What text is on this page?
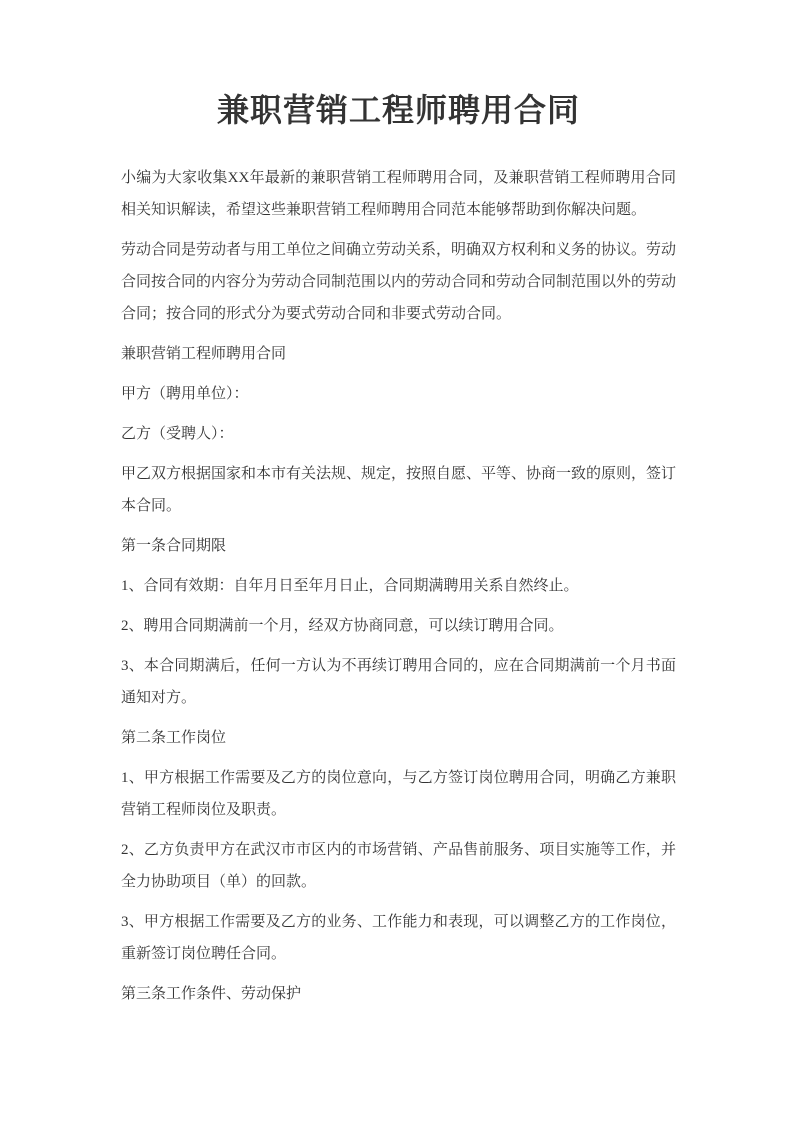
兼职营销工程师聘用合同

小编为大家收集XX年最新的兼职营销工程师聘用合同，及兼职营销工程师聘用合同相关知识解读，希望这些兼职营销工程师聘用合同范本能够帮助到你解决问题。

劳动合同是劳动者与用工单位之间确立劳动关系，明确双方权利和义务的协议。劳动合同按合同的内容分为劳动合同制范围以内的劳动合同和劳动合同制范围以外的劳动合同；按合同的形式分为要式劳动合同和非要式劳动合同。

兼职营销工程师聘用合同

甲方（聘用单位）：

乙方（受聘人）：

甲乙双方根据国家和本市有关法规、规定，按照自愿、平等、协商一致的原则，签订本合同。

第一条合同期限

1、合同有效期：自年月日至年月日止，合同期满聘用关系自然终止。

2、聘用合同期满前一个月，经双方协商同意，可以续订聘用合同。

3、本合同期满后，任何一方认为不再续订聘用合同的，应在合同期满前一个月书面通知对方。

第二条工作岗位

1、甲方根据工作需要及乙方的岗位意向，与乙方签订岗位聘用合同，明确乙方兼职营销工程师岗位及职责。

2、乙方负责甲方在武汉市市区内的市场营销、产品售前服务、项目实施等工作，并全力协助项目（单）的回款。

3、甲方根据工作需要及乙方的业务、工作能力和表现，可以调整乙方的工作岗位，重新签订岗位聘任合同。

第三条工作条件、劳动保护
